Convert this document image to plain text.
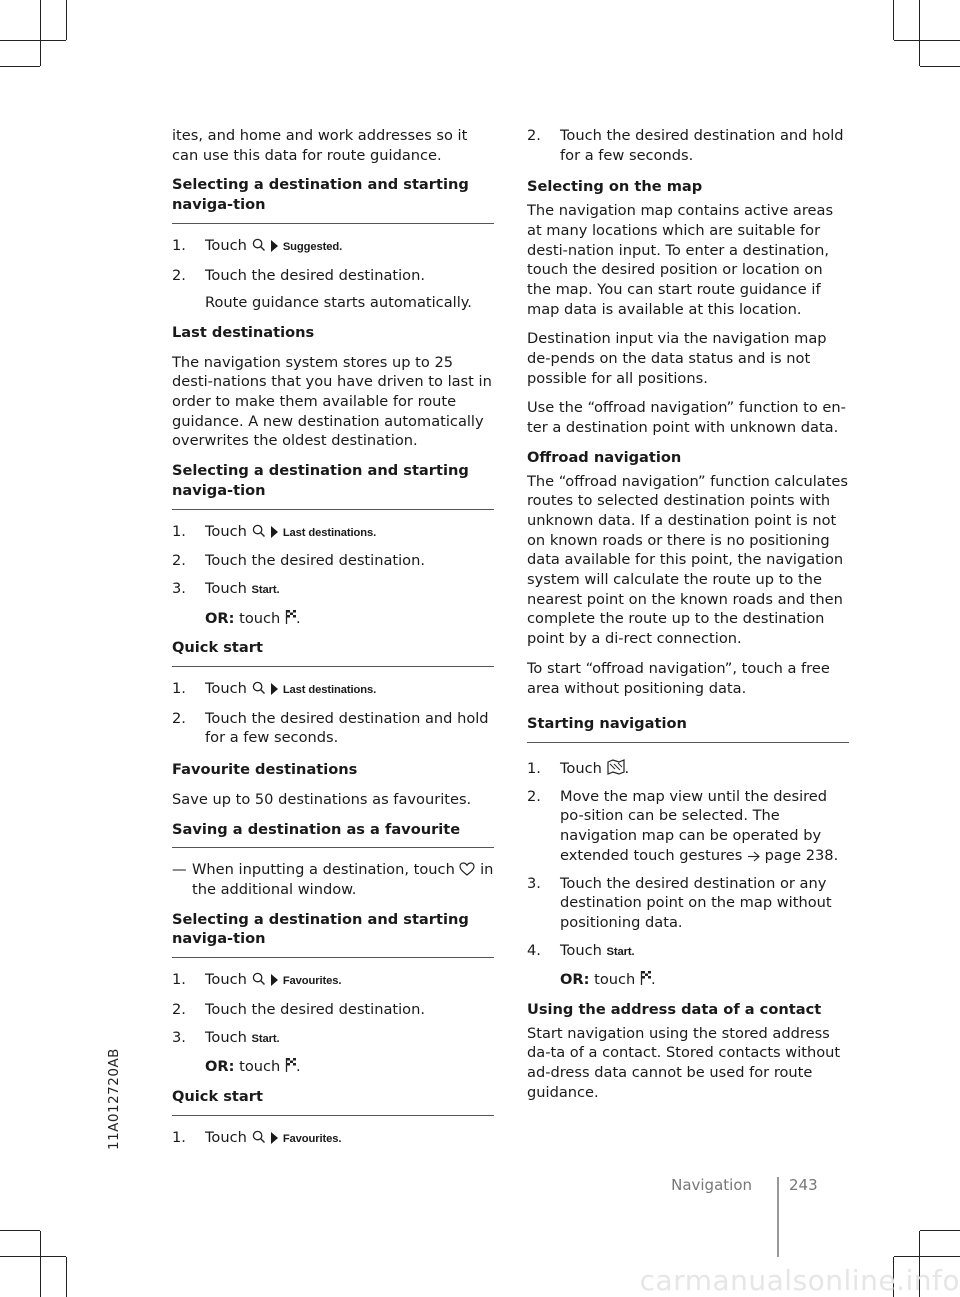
11A012720AB

ites, and home and work addresses so it can use this data for route guidance.

Selecting a destination and starting naviga-tion
1. Touch	Suggested.
2. Touch the desired destination.

Route guidance starts automatically.

Last destinations

The navigation system stores up to 25 desti-nations that you have driven to last in order to make them available for route guidance. A new destination automatically overwrites the oldest destination.

Selecting a destination and starting naviga-tion
1. Touch	Last destinations.
2. Touch the desired destination.
3. Touch Start.

OR: touch .

Quick start
1. Touch	Last destinations.
2. Touch the desired destination and hold for a few seconds.
Favourite destinations

Save up to 50 destinations as favourites.

Saving a destination as a favourite
— When inputting a destination, touch in the additional window.
Selecting a destination and starting naviga-tion
1. Touch	Favourites.
2. Touch the desired destination.
3. Touch Start.

OR: touch .

Quick start
1. Touch	Favourites.
2. Touch the desired destination and hold for a few seconds.
Selecting on the map

The navigation map contains active areas at many locations which are suitable for desti-nation input. To enter a destination, touch the desired position or location on the map. You can start route guidance if map data is available at this location.

Destination input via the navigation map de-pends on the data status and is not possible for all positions.

Use the “offroad navigation” function to en-ter a destination point with unknown data.

Offroad navigation

The “offroad navigation” function calculates routes to selected destination points with unknown data. If a destination point is not on known roads or there is no positioning data available for this point, the navigation system will calculate the route up to the nearest point on the known roads and then complete the route up to the destination point by a di-rect connection.

To start “offroad navigation”, touch a free area without positioning data.

Starting navigation
1. Touch .
2. Move the map view until the desired po-sition can be selected. The navigation map can be operated by extended touch gestures page 238.
3. Touch the desired destination or any destination point on the map without positioning data.
4. Touch Start.

OR: touch .

Using the address data of a contact

Start navigation using the stored address da-ta of a contact. Stored contacts without ad-dress data cannot be used for route guidance.

Navigation 243
carmanualsonline.info
